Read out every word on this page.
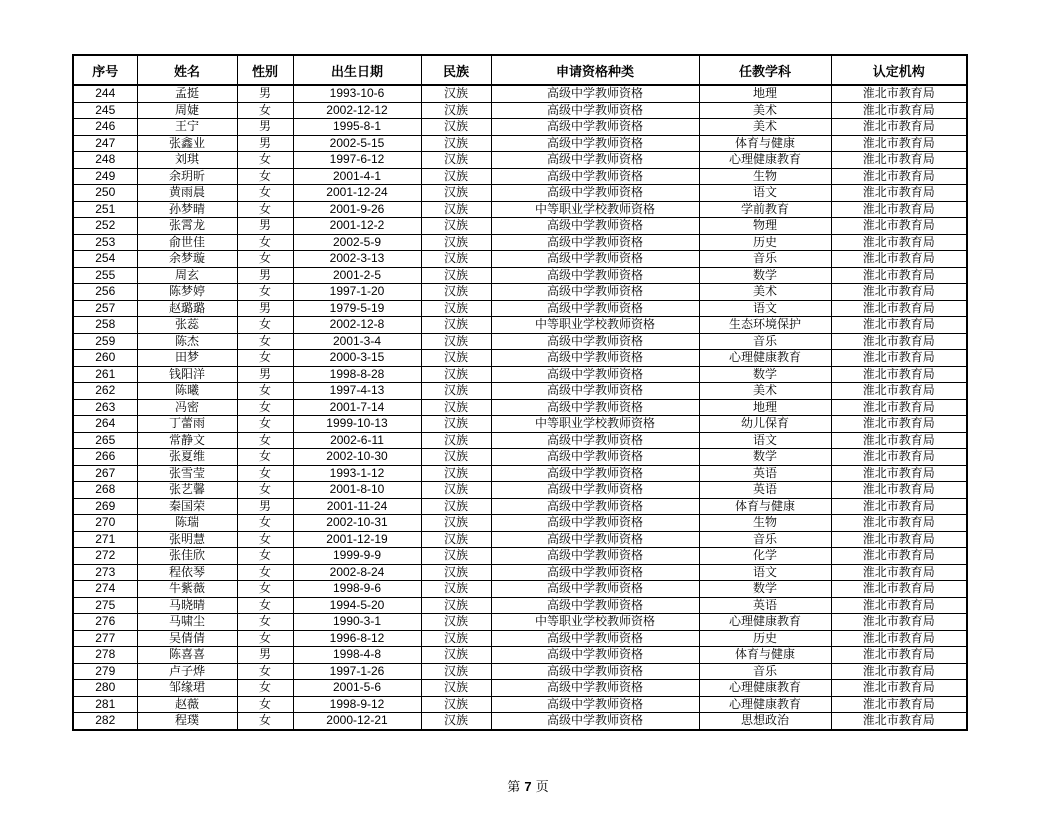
序号	姓名	性别	出生日期	民族	申请资格种类	任教学科	认定机构
244	孟挺	男	1993-10-6	汉族	高级中学教师资格	地理	淮北市教育局
245	周婕	女	2002-12-12	汉族	高级中学教师资格	美术	淮北市教育局
246	王宁	男	1995-8-1	汉族	高级中学教师资格	美术	淮北市教育局
247	张鑫业	男	2002-5-15	汉族	高级中学教师资格	体育与健康	淮北市教育局
248	刘琪	女	1997-6-12	汉族	高级中学教师资格	心理健康教育	淮北市教育局
249	余玥昕	女	2001-4-1	汉族	高级中学教师资格	生物	淮北市教育局
250	黄雨晨	女	2001-12-24	汉族	高级中学教师资格	语文	淮北市教育局
251	孙梦晴	女	2001-9-26	汉族	中等职业学校教师资格	学前教育	淮北市教育局
252	张霄龙	男	2001-12-2	汉族	高级中学教师资格	物理	淮北市教育局
253	俞世佳	女	2002-5-9	汉族	高级中学教师资格	历史	淮北市教育局
254	余梦璇	女	2002-3-13	汉族	高级中学教师资格	音乐	淮北市教育局
255	周玄	男	2001-2-5	汉族	高级中学教师资格	数学	淮北市教育局
256	陈梦婷	女	1997-1-20	汉族	高级中学教师资格	美术	淮北市教育局
257	赵璐璐	男	1979-5-19	汉族	高级中学教师资格	语文	淮北市教育局
258	张蕊	女	2002-12-8	汉族	中等职业学校教师资格	生态环境保护	淮北市教育局
259	陈杰	女	2001-3-4	汉族	高级中学教师资格	音乐	淮北市教育局
260	田梦	女	2000-3-15	汉族	高级中学教师资格	心理健康教育	淮北市教育局
261	钱阳洋	男	1998-8-28	汉族	高级中学教师资格	数学	淮北市教育局
262	陈曦	女	1997-4-13	汉族	高级中学教师资格	美术	淮北市教育局
263	冯密	女	2001-7-14	汉族	高级中学教师资格	地理	淮北市教育局
264	丁蕾雨	女	1999-10-13	汉族	中等职业学校教师资格	幼儿保育	淮北市教育局
265	常静文	女	2002-6-11	汉族	高级中学教师资格	语文	淮北市教育局
266	张夏维	女	2002-10-30	汉族	高级中学教师资格	数学	淮北市教育局
267	张雪莹	女	1993-1-12	汉族	高级中学教师资格	英语	淮北市教育局
268	张艺馨	女	2001-8-10	汉族	高级中学教师资格	英语	淮北市教育局
269	秦国荣	男	2001-11-24	汉族	高级中学教师资格	体育与健康	淮北市教育局
270	陈瑞	女	2002-10-31	汉族	高级中学教师资格	生物	淮北市教育局
271	张明慧	女	2001-12-19	汉族	高级中学教师资格	音乐	淮北市教育局
272	张佳欣	女	1999-9-9	汉族	高级中学教师资格	化学	淮北市教育局
273	程依琴	女	2002-8-24	汉族	高级中学教师资格	语文	淮北市教育局
274	牛紫薇	女	1998-9-6	汉族	高级中学教师资格	数学	淮北市教育局
275	马晓晴	女	1994-5-20	汉族	高级中学教师资格	英语	淮北市教育局
276	马啸尘	女	1990-3-1	汉族	中等职业学校教师资格	心理健康教育	淮北市教育局
277	吴倩倩	女	1996-8-12	汉族	高级中学教师资格	历史	淮北市教育局
278	陈喜喜	男	1998-4-8	汉族	高级中学教师资格	体育与健康	淮北市教育局
279	卢子烨	女	1997-1-26	汉族	高级中学教师资格	音乐	淮北市教育局
280	邹缘珺	女	2001-5-6	汉族	高级中学教师资格	心理健康教育	淮北市教育局
281	赵薇	女	1998-9-12	汉族	高级中学教师资格	心理健康教育	淮北市教育局
282	程璞	女	2000-12-21	汉族	高级中学教师资格	思想政治	淮北市教育局
第 7 页
